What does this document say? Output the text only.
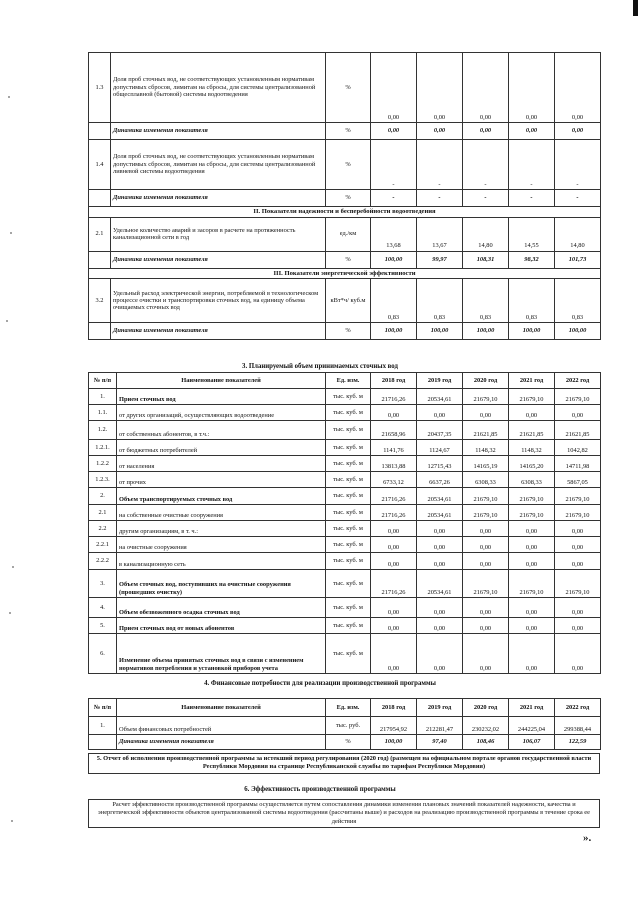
1.3	Доля проб сточных вод, не соответствующих установленным нормативам допустимых сбросов, лимитам на сбросы, для системы централизованной общесплавной (бытовой) системы водоотведения	%	0,00	0,00	0,00	0,00	0,00
	Динамика изменения показателя	%	0,00	0,00	0,00	0,00	0,00
1.4	Доля проб сточных вод, не соответствующих установленным нормативам допустимых сбросов, лимитам на сбросы, для системы централизованной ливневой системы водоотведения	%	-	-	-	-	-
	Динамика изменения показателя	%	-	-	-	-	-
II. Показатели надежности и бесперебойности водоотведения							
2.1	Удельное количество аварий и засоров в расчете на протяженность канализационной сети в год	ед./км	13,68	13,67	14,80	14,55	14,80
	Динамика изменения показателя	%	100,00	99,97	108,31	98,32	101,73
III. Показатели энергетической эффективности							
3.2	Удельный расход электрической энергии, потребляемой в технологическом процессе очистки и транспортировки сточных вод, на единицу объема очищаемых сточных вод	кВт*ч/ куб.м	0,83	0,83	0,83	0,83	0,83
	Динамика изменения показателя	%	100,00	100,00	100,00	100,00	100,00
3. Планируемый объем принимаемых сточных вод
№ п/п	Наименование показателей	Ед. изм.	2018 год	2019 год	2020 год	2021 год	2022 год
1.	Прием сточных вод	тыс. куб. м	21716,26	20534,61	21679,10	21679,10	21679,10
1.1.	от других организаций, осуществляющих водоотведение	тыс. куб. м	0,00	0,00	0,00	0,00	0,00
1.2.	от собственных абонентов, в т.ч.:	тыс. куб. м	21658,96	20437,35	21621,85	21621,85	21621,85
1.2.1.	от бюджетных потребителей	тыс. куб. м	1141,76	1124,67	1148,32	1148,32	1042,82
1.2.2	от населения	тыс. куб. м	13813,88	12715,43	14165,19	14165,20	14711,98
1.2.3.	от прочих	тыс. куб. м	6733,12	6637,26	6308,33	6308,33	5867,05
2.	Объем транспортируемых сточных вод	тыс. куб. м	21716,26	20534,61	21679,10	21679,10	21679,10
2.1	на собственные очистные сооружения	тыс. куб. м	21716,26	20534,61	21679,10	21679,10	21679,10
2.2	другим организациям, в т. ч.:	тыс. куб. м	0,00	0,00	0,00	0,00	0,00
2.2.1	на очистные сооружения	тыс. куб. м	0,00	0,00	0,00	0,00	0,00
2.2.2	в канализационную сеть	тыс. куб. м	0,00	0,00	0,00	0,00	0,00
3.	Объем сточных вод, поступивших на очистные сооружения (прошедших очистку)	тыс. куб. м	21716,26	20534,61	21679,10	21679,10	21679,10
4.	Объем обезвоженного осадка сточных вод	тыс. куб. м	0,00	0,00	0,00	0,00	0,00
5.	Прием сточных вод от новых абонентов	тыс. куб. м	0,00	0,00	0,00	0,00	0,00
6.	Изменение объема принятых сточных вод в связи с изменением нормативов потребления и установкой приборов учета	тыс. куб. м	0,00	0,00	0,00	0,00	0,00
4. Финансовые потребности для реализации производственной программы
№ п/п	Наименование показателей	Ед. изм.	2018 год	2019 год	2020 год	2021 год	2022 год
1.	Объем финансовых потребностей	тыс. руб.	217954,92	212281,47	230232,02	244225,04	299388,44
	Динамика изменения показателя	%	100,00	97,40	108,46	106,07	122,59
5. Отчет об исполнении производственной программы за истекший период регулирования (2020 год) (размещен на официальном портале органов государственной власти Республики Мордовия на странице Республиканской службы по тарифам Республики Мордовия)
6. Эффективность производственной программы
Расчет эффективности производственной программы осуществляется путем сопоставления динамики изменения плановых значений показателей надежности, качества и энергетической эффективности объектов централизованной системы водоотведения (рассчитаны выше) и расходов на реализацию производственной программы в течение срока ее действия
».
